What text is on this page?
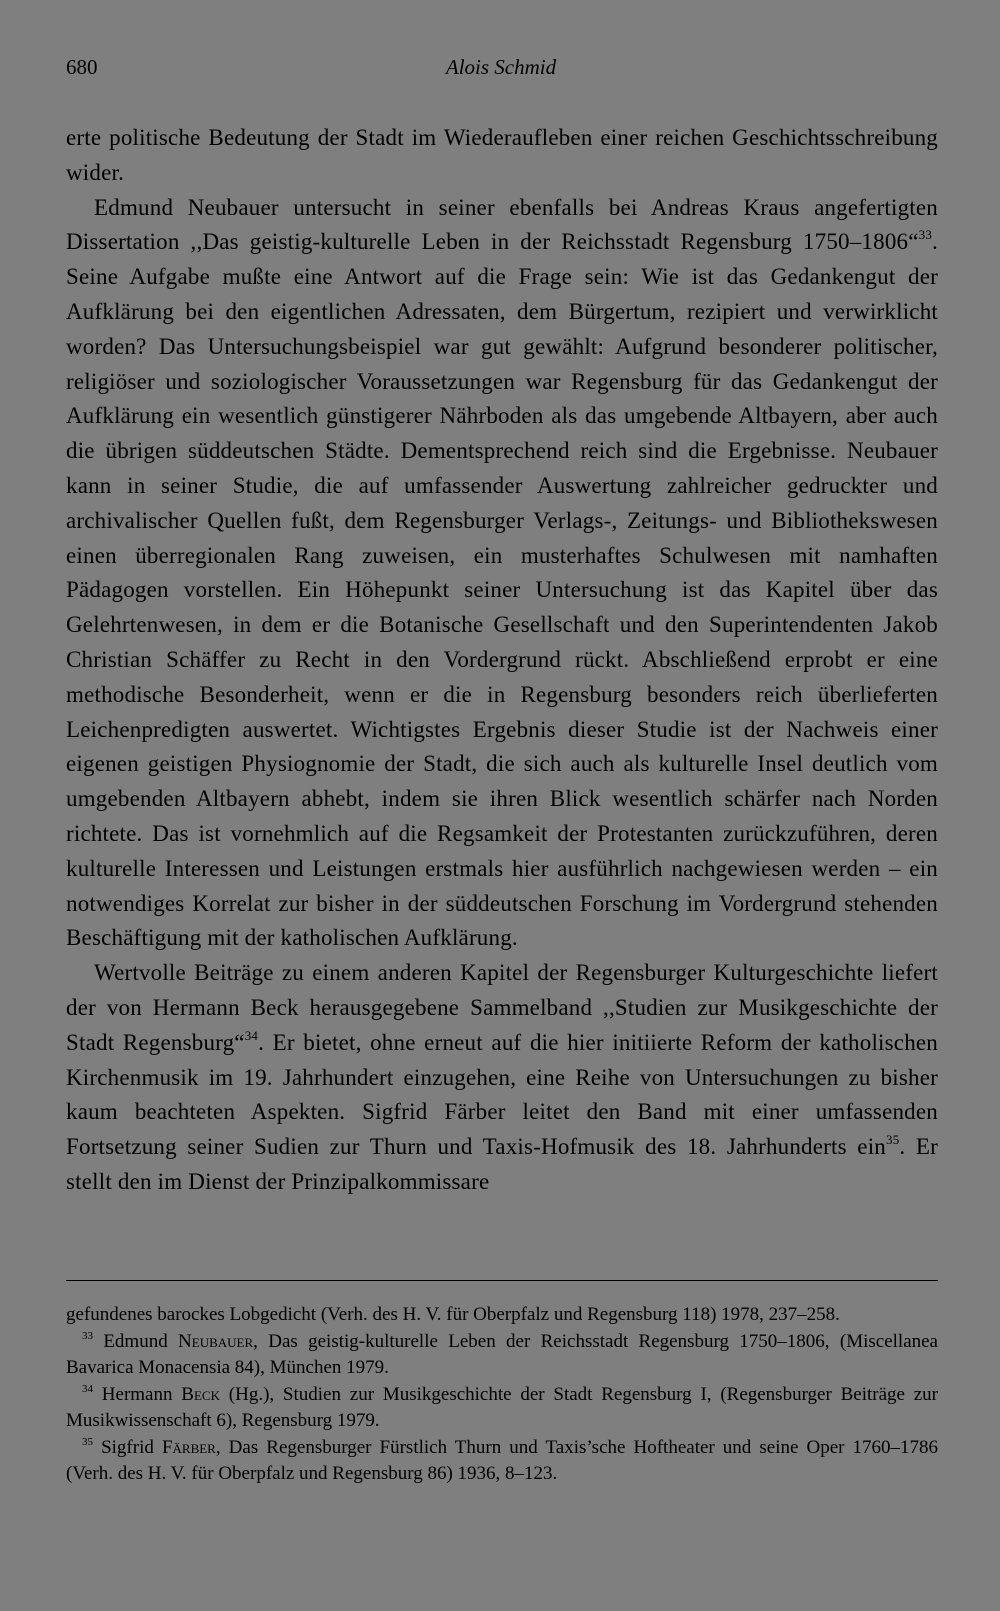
680	Alois Schmid

erte politische Bedeutung der Stadt im Wiederaufleben einer reichen Geschichtsschreibung wider.

Edmund Neubauer untersucht in seiner ebenfalls bei Andreas Kraus angefertigten Dissertation ,,Das geistig-kulturelle Leben in der Reichsstadt Regensburg 1750–1806“$^{33}$. Seine Aufgabe mußte eine Antwort auf die Frage sein: Wie ist das Gedankengut der Aufklärung bei den eigentlichen Adressaten, dem Bürgertum, rezipiert und verwirklicht worden? Das Untersuchungsbeispiel war gut gewählt: Aufgrund besonderer politischer, religiöser und soziologischer Voraussetzungen war Regensburg für das Gedankengut der Aufklärung ein wesentlich günstigerer Nährboden als das umgebende Altbayern, aber auch die übrigen süddeutschen Städte. Dementsprechend reich sind die Ergebnisse. Neubauer kann in seiner Studie, die auf umfassender Auswertung zahlreicher gedruckter und archivalischer Quellen fußt, dem Regensburger Verlags-, Zeitungs- und Bibliothekswesen einen überregionalen Rang zuweisen, ein musterhaftes Schulwesen mit namhaften Pädagogen vorstellen. Ein Höhepunkt seiner Untersuchung ist das Kapitel über das Gelehrtenwesen, in dem er die Botanische Gesellschaft und den Superintendenten Jakob Christian Schäffer zu Recht in den Vordergrund rückt. Abschließend erprobt er eine methodische Besonderheit, wenn er die in Regensburg besonders reich überlieferten Leichenpredigten auswertet. Wichtigstes Ergebnis dieser Studie ist der Nachweis einer eigenen geistigen Physiognomie der Stadt, die sich auch als kulturelle Insel deutlich vom umgebenden Altbayern abhebt, indem sie ihren Blick wesentlich schärfer nach Norden richtete. Das ist vornehmlich auf die Regsamkeit der Protestanten zurückzuführen, deren kulturelle Interessen und Leistungen erstmals hier ausführlich nachgewiesen werden – ein notwendiges Korrelat zur bisher in der süddeutschen Forschung im Vordergrund stehenden Beschäftigung mit der katholischen Aufklärung.

Wertvolle Beiträge zu einem anderen Kapitel der Regensburger Kulturgeschichte liefert der von Hermann Beck herausgegebene Sammelband ,,Studien zur Musikgeschichte der Stadt Regensburg“$^{34}$. Er bietet, ohne erneut auf die hier initiierte Reform der katholischen Kirchenmusik im 19. Jahrhundert einzugehen, eine Reihe von Untersuchungen zu bisher kaum beachteten Aspekten. Sigfrid Färber leitet den Band mit einer umfassenden Fortsetzung seiner Sudien zur Thurn und Taxis-Hofmusik des 18. Jahrhunderts ein$^{35}$. Er stellt den im Dienst der Prinzipalkommissare

gefundenes barockes Lobgedicht (Verh. des H. V. für Oberpfalz und Regensburg 118) 1978, 237–258.

$^{33}$ Edmund Neubauer, Das geistig-kulturelle Leben der Reichsstadt Regensburg 1750–1806, (Miscellanea Bavarica Monacensia 84), München 1979.

$^{34}$ Hermann Beck (Hg.), Studien zur Musikgeschichte der Stadt Regensburg I, (Regensburger Beiträge zur Musikwissenschaft 6), Regensburg 1979.

$^{35}$ Sigfrid Färber, Das Regensburger Fürstlich Thurn und Taxis’sche Hoftheater und seine Oper 1760–1786 (Verh. des H. V. für Oberpfalz und Regensburg 86) 1936, 8–123.
